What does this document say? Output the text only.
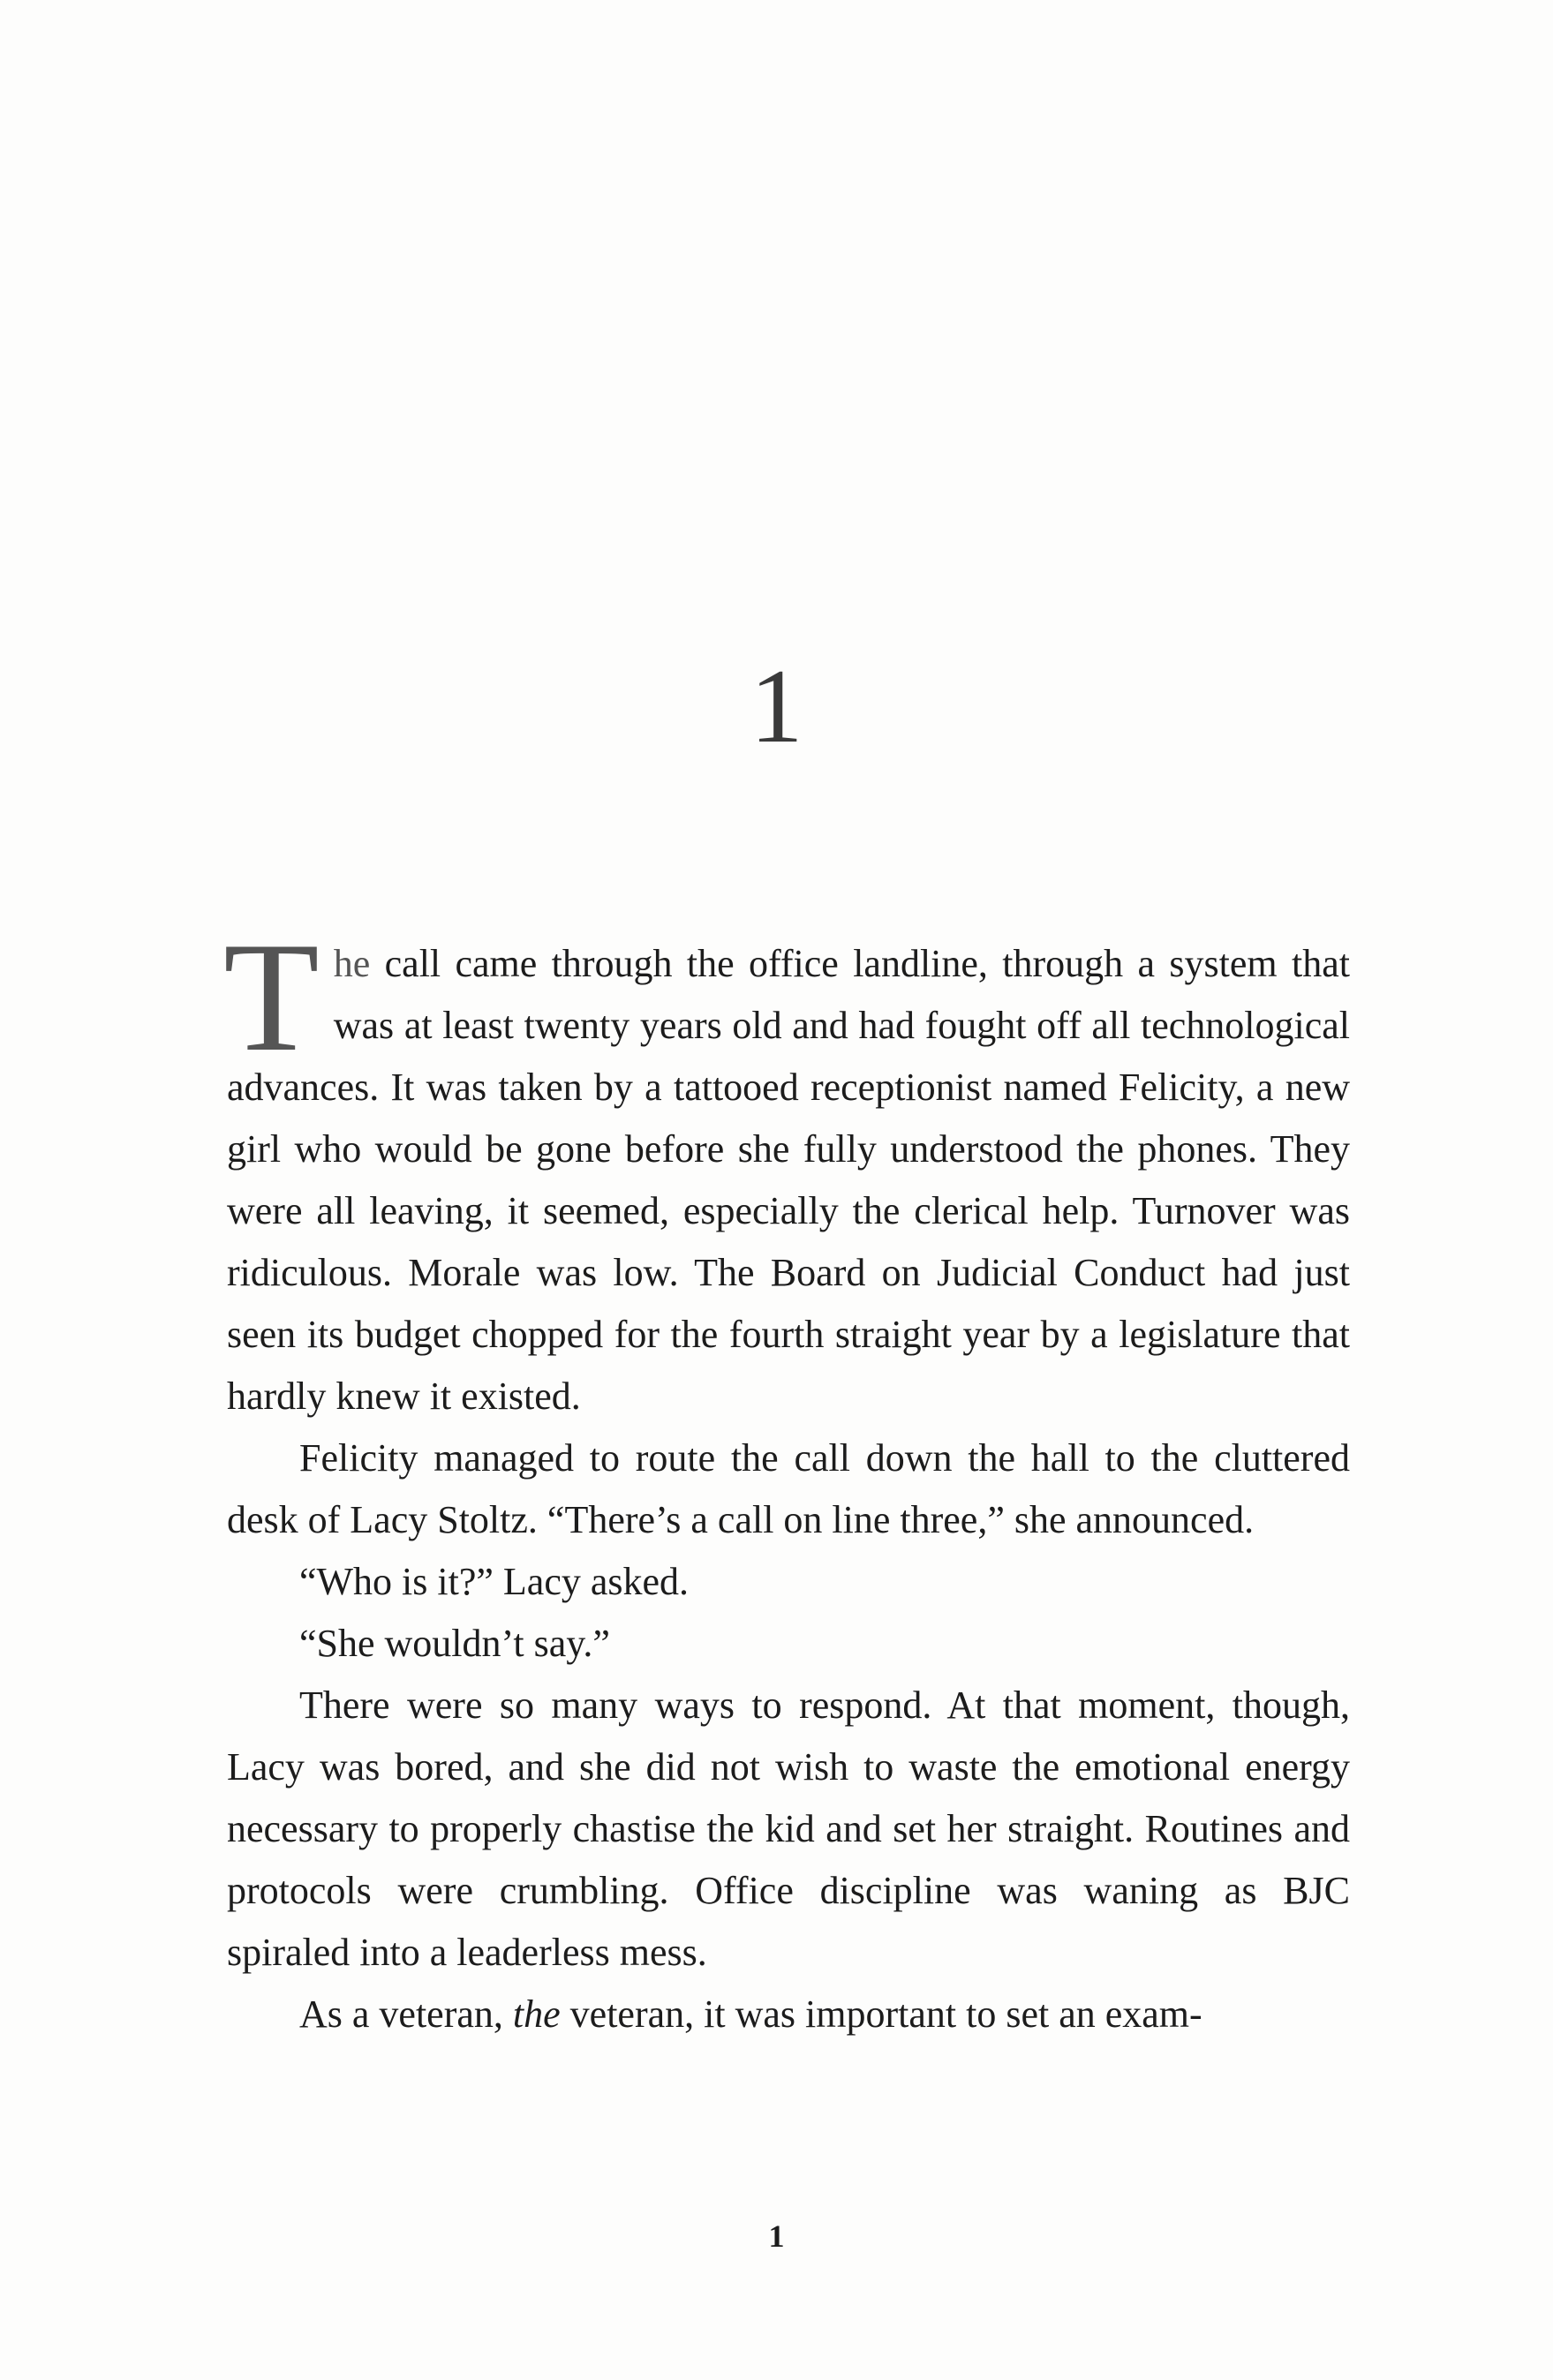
1

The call came through the office landline, through a system that was at least twenty years old and had fought off all technological advances. It was taken by a tattooed receptionist named Felicity, a new girl who would be gone before she fully understood the phones. They were all leaving, it seemed, especially the clerical help. Turnover was ridiculous. Morale was low. The Board on Judicial Conduct had just seen its budget chopped for the fourth straight year by a legislature that hardly knew it existed.

Felicity managed to route the call down the hall to the cluttered desk of Lacy Stoltz. “There’s a call on line three,” she announced.

“Who is it?” Lacy asked.

“She wouldn’t say.”

There were so many ways to respond. At that moment, though, Lacy was bored, and she did not wish to waste the emotional energy necessary to properly chastise the kid and set her straight. Routines and protocols were crumbling. Office discipline was waning as BJC spiraled into a leaderless mess.

As a veteran, the veteran, it was important to set an exam-

1
